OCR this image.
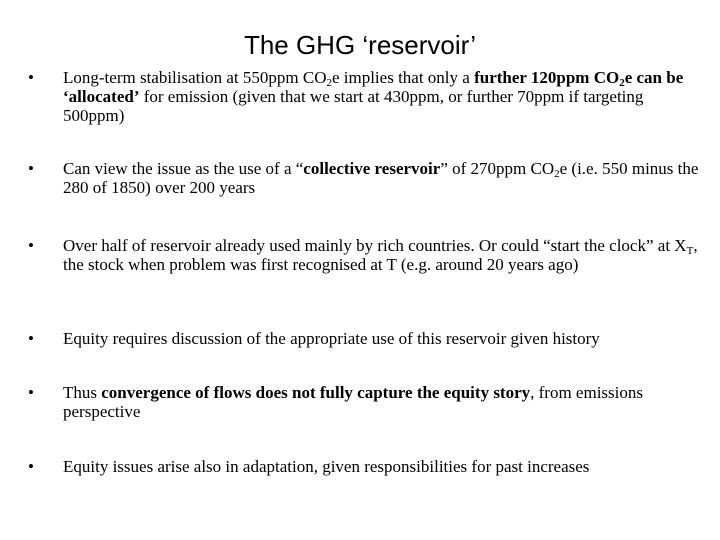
The GHG ‘reservoir’
• Long-term stabilisation at 550ppm $CO_2e$ implies that only a further 120ppm $CO_2e$ can be ‘allocated’ for emission (given that we start at 430ppm, or further 70ppm if targeting 500ppm)
• Can view the issue as the use of a “collective reservoir” of 270ppm $CO_2e$ (i.e. 550 minus the 280 of 1850) over 200 years
• Over half of reservoir already used mainly by rich countries. Or could “start the clock” at $X_T$, the stock when problem was first recognised at T (e.g. around 20 years ago)
• Equity requires discussion of the appropriate use of this reservoir given history
• Thus convergence of flows does not fully capture the equity story, from emissions perspective
• Equity issues arise also in adaptation, given responsibilities for past increases
